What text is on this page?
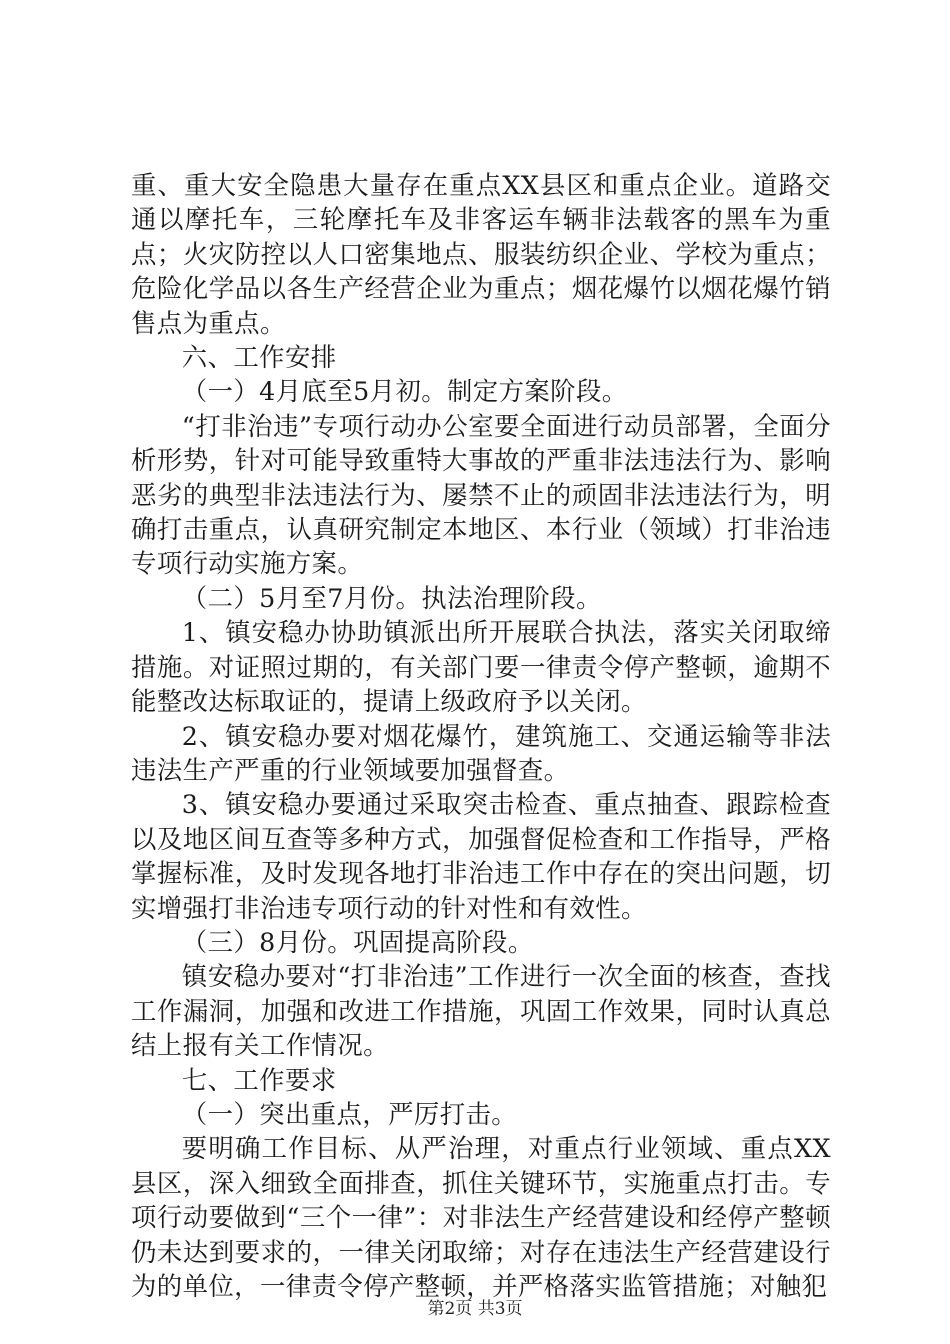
重、重大安全隐患大量存在重点XX县区和重点企业。道路交通以摩托车，三轮摩托车及非客运车辆非法载客的黑车为重点；火灾防控以人口密集地点、服装纺织企业、学校为重点；危险化学品以各生产经营企业为重点；烟花爆竹以烟花爆竹销售点为重点。

六、工作安排

（一）4月底至5月初。制定方案阶段。

“打非治违”专项行动办公室要全面进行动员部署，全面分析形势，针对可能导致重特大事故的严重非法违法行为、影响恶劣的典型非法违法行为、屡禁不止的顽固非法违法行为，明确打击重点，认真研究制定本地区、本行业（领域）打非治违专项行动实施方案。

（二）5月至7月份。执法治理阶段。

1、镇安稳办协助镇派出所开展联合执法，落实关闭取缔措施。对证照过期的，有关部门要一律责令停产整顿，逾期不能整改达标取证的，提请上级政府予以关闭。

2、镇安稳办要对烟花爆竹，建筑施工、交通运输等非法违法生产严重的行业领域要加强督查。

3、镇安稳办要通过采取突击检查、重点抽查、跟踪检查以及地区间互查等多种方式，加强督促检查和工作指导，严格掌握标准，及时发现各地打非治违工作中存在的突出问题，切实增强打非治违专项行动的针对性和有效性。

（三）8月份。巩固提高阶段。

镇安稳办要对“打非治违”工作进行一次全面的核查，查找工作漏洞，加强和改进工作措施，巩固工作效果，同时认真总结上报有关工作情况。

七、工作要求

（一）突出重点，严厉打击。

要明确工作目标、从严治理，对重点行业领域、重点XX县区，深入细致全面排查，抓住关键环节，实施重点打击。专项行动要做到“三个一律”：对非法生产经营建设和经停产整顿仍未达到要求的，一律关闭取缔；对存在违法生产经营建设行为的单位，一律责令停产整顿，并严格落实监管措施；对触犯

第2页 共3页
